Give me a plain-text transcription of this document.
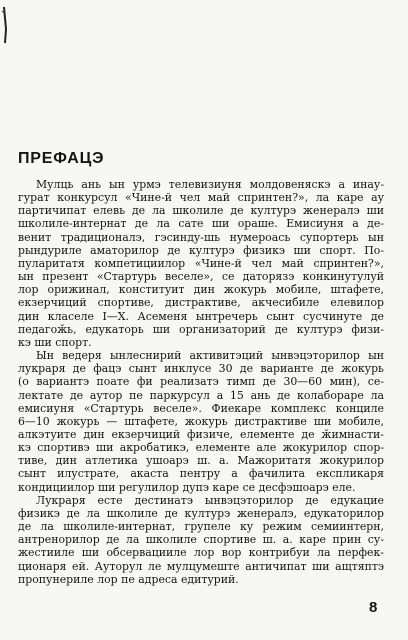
ПРЕФАЦЭ
Мулць ань ын урмэ телевизиуня молдовеняскэ а инау-
гурат конкурсул «Чине-й чел май спринтен?», ла каре ау
партичипат елевь де ла школиле де културэ женералэ ши
школиле-интернат де ла сате ши ораше. Емисиуня а де-
венит традиционалэ, гэсинду-шь нумероась супортерь ын
рындуриле аматорилор де културэ физикэ ши спорт. По-
пуларитатя компетициилор «Чине-й чел май спринтен?»,
ын презент «Стартурь веселе», се даторязэ конкинутулуй
лор орижинал, конституит дин жокурь мобиле, штафете,
екзерчиций спортиве, дистрактиве, акчесибиле елевилор
дин класеле I—X. Асеменя ынтречерь сынт сусчинуте де
педагоӂь, едукаторь ши организаторий де културэ физи-
кэ ши спорт.
Ын ведеря ынлеснирий активитэций ынвэцэторилор ын
лукраря де фацэ сынт инклусе 30 де варианте де жокурь
(о вариантэ поате фи реализатэ тимп де 30—60 мин), се-
лектате де аутор пе паркурсул а 15 ань де колабораре ла
емисиуня «Стартурь веселе». Фиекаре комплекс конциле
6—10 жокурь — штафете, жокурь дистрактиве ши мобиле,
алкэтуите дин екзерчиций физиче, елементе де ӂимнасти-
кэ спортивэ ши акробатикэ, елементе але жокурилор спор-
тиве, дин атлетика ушоарэ ш. а. Мажоритатя жокурилор
сынт илустрате, акаста пентру а фачилита експликаря
кондициилор ши регулилор дупэ каре се десфэшоарэ еле.
Лукраря есте дестинатэ ынвэцэторилор де едукацие
физикэ де ла школиле де културэ женералэ, едукаторилор
де ла школиле-интернат, групеле ку режим семиинтерн,
антренорилор де ла школиле спортиве ш. а. каре прин су-
жестииле ши обсервацииле лор вор контрибуи ла перфек-
ционаря ей. Ауторул ле мулцумеште античипат ши ащтяптэ
пропунериле лор пе адреса едитурий.
8
